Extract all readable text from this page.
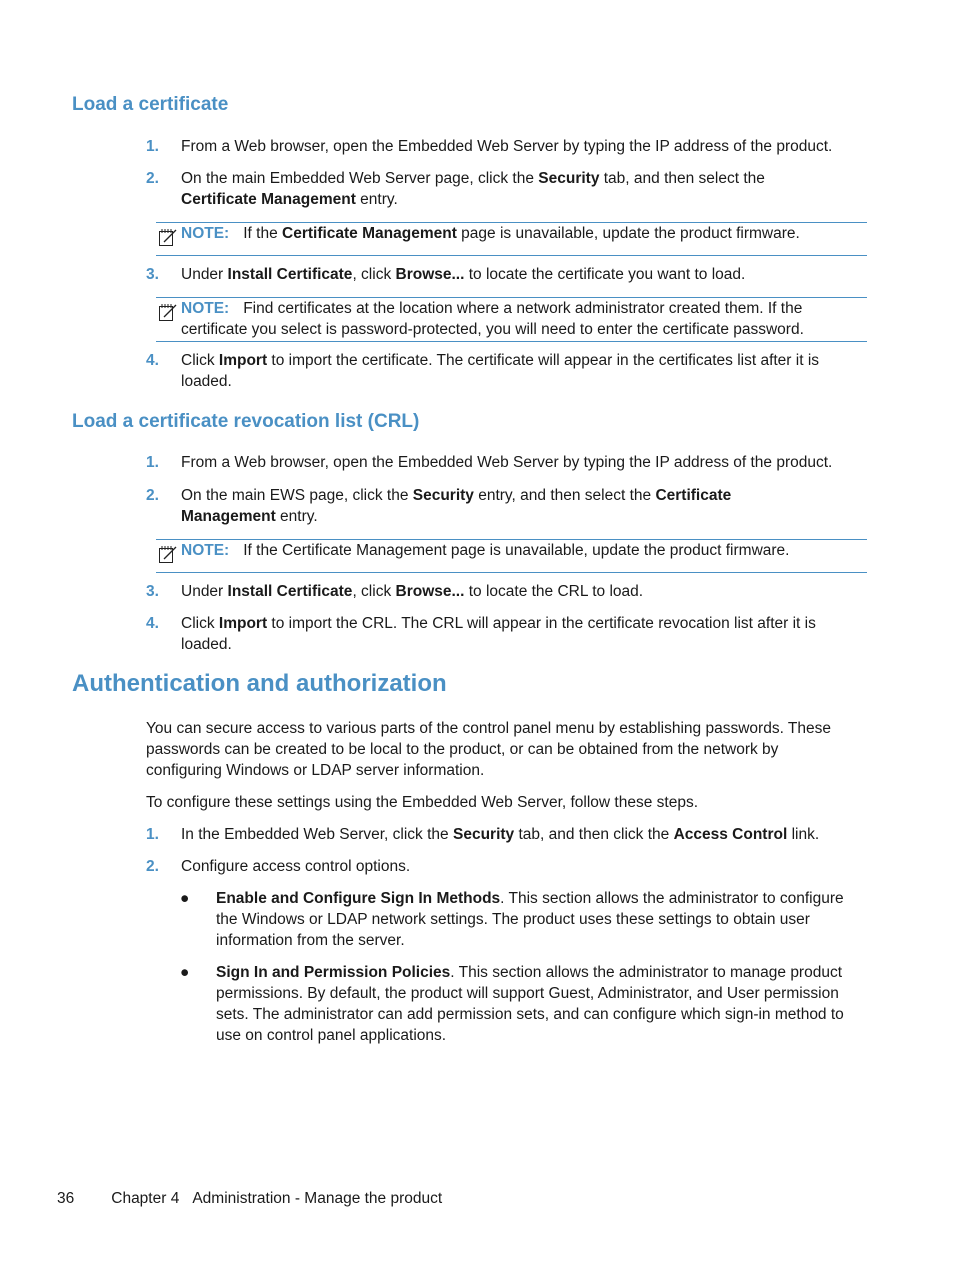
Load a certificate
1.	From a Web browser, open the Embedded Web Server by typing the IP address of the product.
2.	On the main Embedded Web Server page, click the Security tab, and then select the Certificate Management entry.
NOTE: If the Certificate Management page is unavailable, update the product firmware.
3.	Under Install Certificate, click Browse... to locate the certificate you want to load.
NOTE: Find certificates at the location where a network administrator created them. If the certificate you select is password-protected, you will need to enter the certificate password.
4.	Click Import to import the certificate. The certificate will appear in the certificates list after it is loaded.
Load a certificate revocation list (CRL)
1.	From a Web browser, open the Embedded Web Server by typing the IP address of the product.
2.	On the main EWS page, click the Security entry, and then select the Certificate Management entry.
NOTE: If the Certificate Management page is unavailable, update the product firmware.
3.	Under Install Certificate, click Browse... to locate the CRL to load.
4.	Click Import to import the CRL. The CRL will appear in the certificate revocation list after it is loaded.
Authentication and authorization
You can secure access to various parts of the control panel menu by establishing passwords. These passwords can be created to be local to the product, or can be obtained from the network by configuring Windows or LDAP server information.
To configure these settings using the Embedded Web Server, follow these steps.
1.	In the Embedded Web Server, click the Security tab, and then click the Access Control link.
2.	Configure access control options.
● Enable and Configure Sign In Methods. This section allows the administrator to configure the Windows or LDAP network settings. The product uses these settings to obtain user information from the server.
● Sign In and Permission Policies. This section allows the administrator to manage product permissions. By default, the product will support Guest, Administrator, and User permission sets. The administrator can add permission sets, and can configure which sign-in method to use on control panel applications.
36 Chapter 4 Administration - Manage the product
